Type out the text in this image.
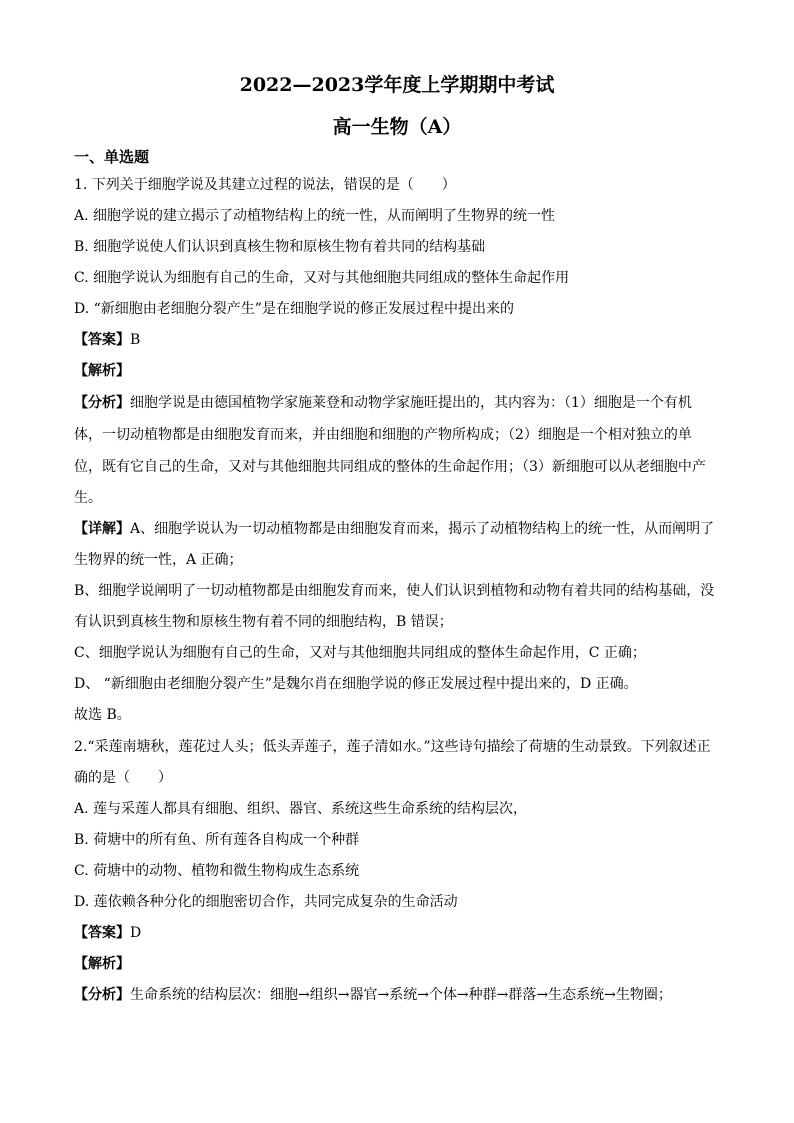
2022—2023学年度上学期期中考试

高一生物（A）

一、单选题

1. 下列关于细胞学说及其建立过程的说法，错误的是（　　）

A. 细胞学说的建立揭示了动植物结构上的统一性，从而阐明了生物界的统一性

B. 细胞学说使人们认识到真核生物和原核生物有着共同的结构基础

C. 细胞学说认为细胞有自己的生命，又对与其他细胞共同组成的整体生命起作用

D. “新细胞由老细胞分裂产生”是在细胞学说的修正发展过程中提出来的

【答案】B

【解析】

【分析】细胞学说是由德国植物学家施莱登和动物学家施旺提出的，其内容为：（1）细胞是一个有机

体，一切动植物都是由细胞发育而来，并由细胞和细胞的产物所构成；（2）细胞是一个相对独立的单

位，既有它自己的生命，又对与其他细胞共同组成的整体的生命起作用；（3）新细胞可以从老细胞中产

生。

【详解】A、细胞学说认为一切动植物都是由细胞发育而来，揭示了动植物结构上的统一性，从而阐明了

生物界的统一性，A 正确；

B、细胞学说阐明了一切动植物都是由细胞发育而来，使人们认识到植物和动物有着共同的结构基础，没

有认识到真核生物和原核生物有着不同的细胞结构，B 错误；

C、细胞学说认为细胞有自己的生命，又对与其他细胞共同组成的整体生命起作用，C 正确；

D、 “新细胞由老细胞分裂产生”是魏尔肖在细胞学说的修正发展过程中提出来的，D 正确。

故选 B。

2.“采莲南塘秋，莲花过人头；低头弄莲子，莲子清如水。”这些诗句描绘了荷塘的生动景致。下列叙述正

确的是（　　）

A. 莲与采莲人都具有细胞、组织、器官、系统这些生命系统的结构层次，

B. 荷塘中的所有鱼、所有莲各自构成一个种群

C. 荷塘中的动物、植物和微生物构成生态系统

D. 莲依赖各种分化的细胞密切合作，共同完成复杂的生命活动

【答案】D

【解析】

【分析】生命系统的结构层次：细胞→组织→器官→系统→个体→种群→群落→生态系统→生物圈；
